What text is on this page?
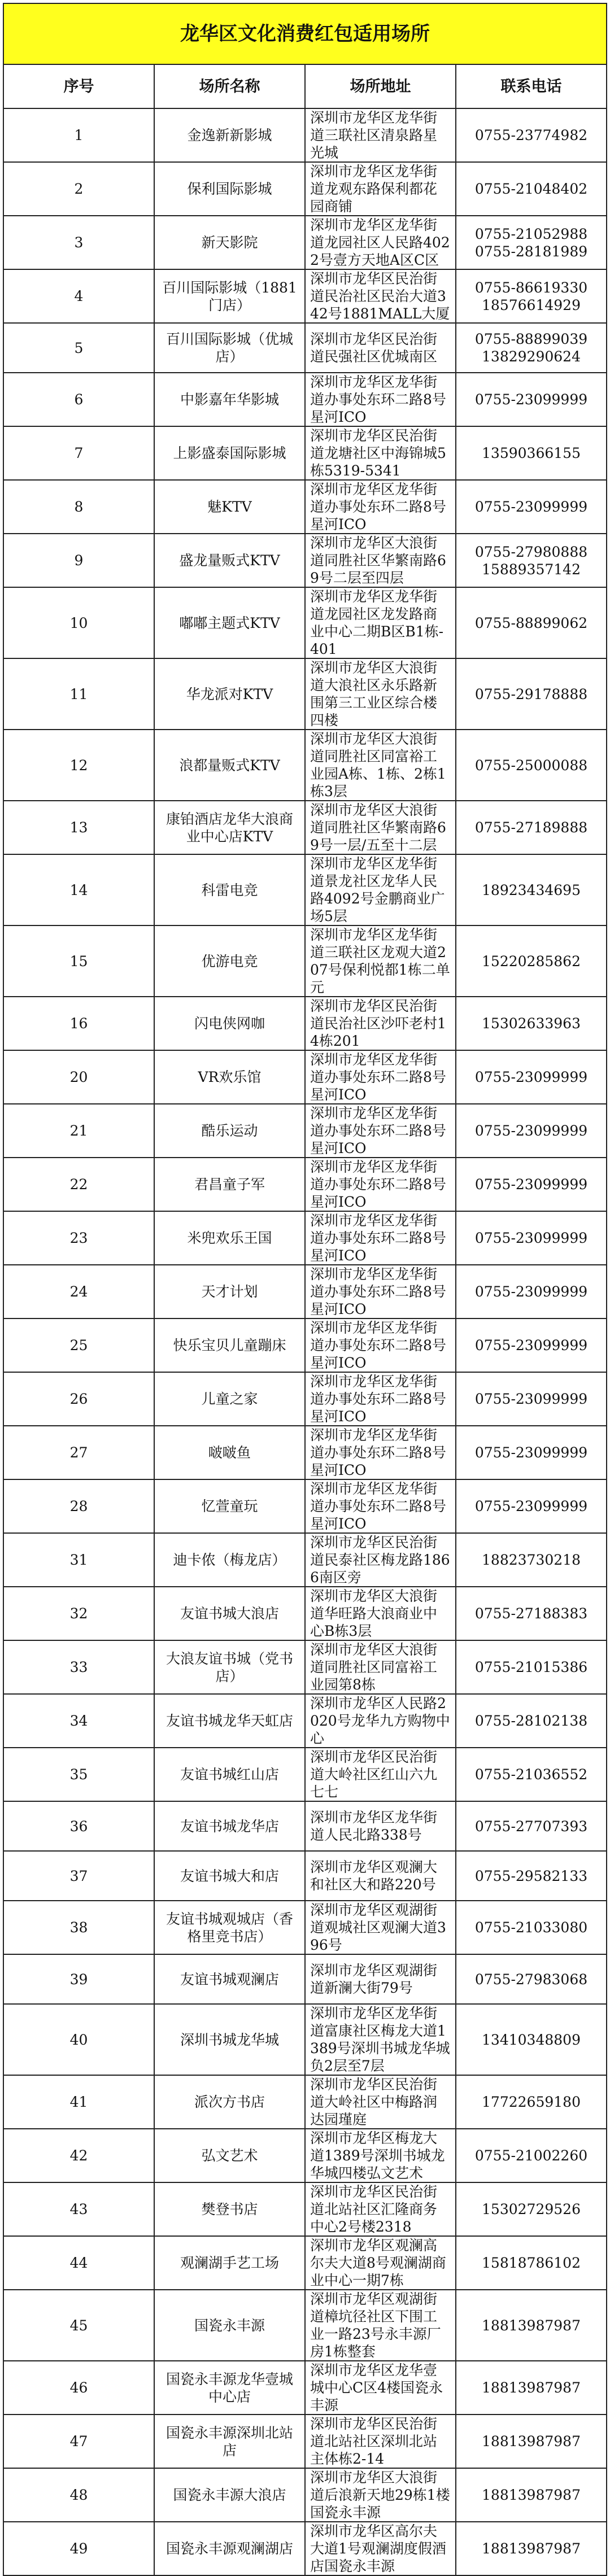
龙华区文化消费红包适用场所			
序号	场所名称	场所地址	联系电话
1	金逸新新影城	深圳市龙华区龙华街道三联社区清泉路星光城	0755-23774982
2	保利国际影城	深圳市龙华区龙华街道龙观东路保利都花园商铺	0755-21048402
3	新天影院	深圳市龙华区龙华街道龙园社区人民路4022号壹方天地A区C区	0755-21052988
0755-28181989
4	百川国际影城（1881门店）	深圳市龙华区民治街道民治社区民治大道342号1881MALL大厦	0755-86619330
18576614929
5	百川国际影城（优城店）	深圳市龙华区民治街道民强社区优城南区	0755-88899039
13829290624
6	中影嘉年华影城	深圳市龙华区龙华街道办事处东环二路8号星河ICO	0755-23099999
7	上影盛泰国际影城	深圳市龙华区民治街道龙塘社区中海锦城5栋5319-5341	13590366155
8	魅KTV	深圳市龙华区龙华街道办事处东环二路8号星河ICO	0755-23099999
9	盛龙量贩式KTV	深圳市龙华区大浪街道同胜社区华繁南路69号二层至四层	0755-27980888
15889357142
10	嘟嘟主题式KTV	深圳市龙华区龙华街道龙园社区龙发路商业中心二期B区B1栋-401	0755-88899062
11	华龙派对KTV	深圳市龙华区大浪街道大浪社区永乐路新围第三工业区综合楼四楼	0755-29178888
12	浪都量贩式KTV	深圳市龙华区大浪街道同胜社区同富裕工业园A栋、1栋、2栋1栋3层	0755-25000088
13	康铂酒店龙华大浪商业中心店KTV	深圳市龙华区大浪街道同胜社区华繁南路69号一层/五至十二层	0755-27189888
14	科雷电竞	深圳市龙华区龙华街道景龙社区龙华人民路4092号金鹏商业广场5层	18923434695
15	优游电竞	深圳市龙华区龙华街道三联社区龙观大道207号保利悦都1栋二单元	15220285862
16	闪电侠网咖	深圳市龙华区民治街道民治社区沙吓老村14栋201	15302633963
20	VR欢乐馆	深圳市龙华区龙华街道办事处东环二路8号星河ICO	0755-23099999
21	酷乐运动	深圳市龙华区龙华街道办事处东环二路8号星河ICO	0755-23099999
22	君昌童子军	深圳市龙华区龙华街道办事处东环二路8号星河ICO	0755-23099999
23	米兜欢乐王国	深圳市龙华区龙华街道办事处东环二路8号星河ICO	0755-23099999
24	天才计划	深圳市龙华区龙华街道办事处东环二路8号星河ICO	0755-23099999
25	快乐宝贝儿童蹦床	深圳市龙华区龙华街道办事处东环二路8号星河ICO	0755-23099999
26	儿童之家	深圳市龙华区龙华街道办事处东环二路8号星河ICO	0755-23099999
27	啵啵鱼	深圳市龙华区龙华街道办事处东环二路8号星河ICO	0755-23099999
28	忆萱童玩	深圳市龙华区龙华街道办事处东环二路8号星河ICO	0755-23099999
31	迪卡侬（梅龙店）	深圳市龙华区民治街道民泰社区梅龙路1866南区旁	18823730218
32	友谊书城大浪店	深圳市龙华区大浪街道华旺路大浪商业中心B栋3层	0755-27188383
33	大浪友谊书城（党书店）	深圳市龙华区大浪街道同胜社区同富裕工业园第8栋	0755-21015386
34	友谊书城龙华天虹店	深圳市龙华区人民路2020号龙华九方购物中心	0755-28102138
35	友谊书城红山店	深圳市龙华区民治街道大岭社区红山六九七七	0755-21036552
36	友谊书城龙华店	深圳市龙华区龙华街道人民北路338号	0755-27707393
37	友谊书城大和店	深圳市龙华区观澜大和社区大和路220号	0755-29582133
38	友谊书城观城店（香格里竞书店）	深圳市龙华区观湖街道观城社区观澜大道396号	0755-21033080
39	友谊书城观澜店	深圳市龙华区观湖街道新澜大街79号	0755-27983068
40	深圳书城龙华城	深圳市龙华区龙华街道富康社区梅龙大道1389号深圳书城龙华城负2层至7层	13410348809
41	派次方书店	深圳市龙华区民治街道大岭社区中梅路润达园瑾庭	17722659180
42	弘文艺术	深圳市龙华区梅龙大道1389号深圳书城龙华城四楼弘文艺术	0755-21002260
43	樊登书店	深圳市龙华区民治街道北站社区汇隆商务中心2号楼2318	15302729526
44	观澜湖手艺工场	深圳市龙华区观澜高尔夫大道8号观澜湖商业中心一期7栋	15818786102
45	国瓷永丰源	深圳市龙华区观湖街道樟坑径社区下围工业一路23号永丰源厂房1栋整套	18813987987
46	国瓷永丰源龙华壹城中心店	深圳市龙华区龙华壹城中心C区4楼国瓷永丰源	18813987987
47	国瓷永丰源深圳北站店	深圳市龙华区民治街道北站社区深圳北站主体栋2-14	18813987987
48	国瓷永丰源大浪店	深圳市龙华区大浪街道后浪新天地29栋1楼国瓷永丰源	18813987987
49	国瓷永丰源观澜湖店	深圳市龙华区高尔夫大道1号观澜湖度假酒店国瓷永丰源	18813987987
